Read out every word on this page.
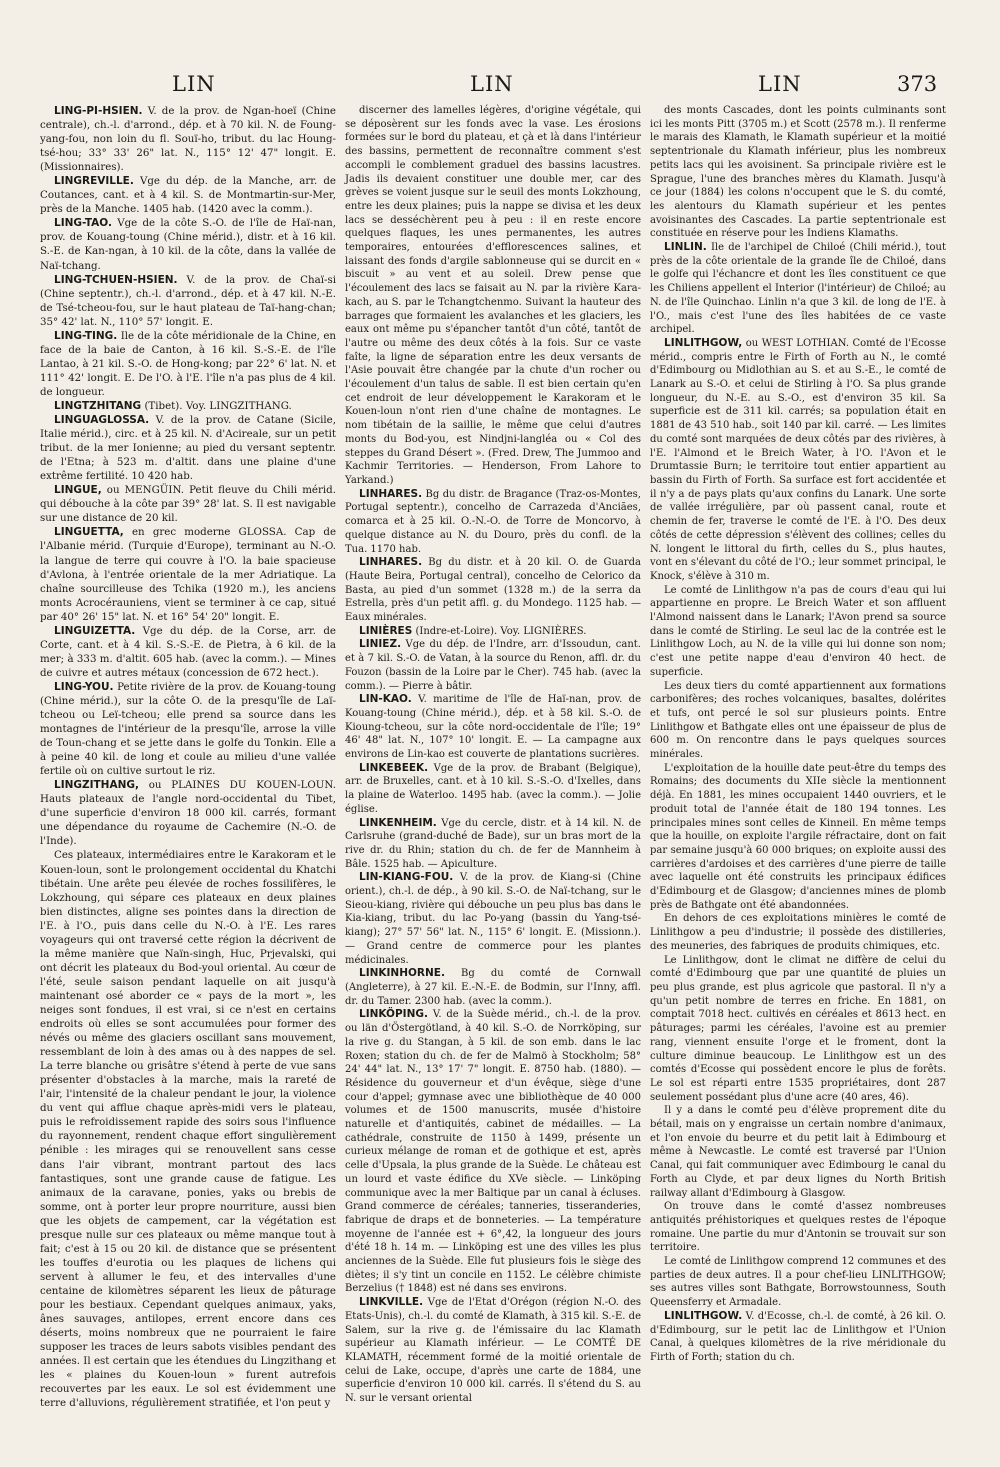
LIN	LIN	LIN	373

LING-PI-HSIEN. V. de la prov. de Ngan-hoeï (Chine centrale), ch.-l. d'arrond., dép. et à 70 kil. N. de Foung-yang-fou, non loin du fl. Souï-ho, tribut. du lac Houng-tsé-hou; 33° 33' 26" lat. N., 115° 12' 47" longit. E. (Missionnaires).

LINGREVILLE. Vge du dép. de la Manche, arr. de Coutances, cant. et à 4 kil. S. de Montmartin-sur-Mer, près de la Manche. 1405 hab. (1420 avec la comm.).

LING-TAO. Vge de la côte S.-O. de l'île de Haï-nan, prov. de Kouang-toung (Chine mérid.), distr. et à 16 kil. S.-E. de Kan-ngan, à 10 kil. de la côte, dans la vallée de Naï-tchang.

LING-TCHUEN-HSIEN. V. de la prov. de Chaï-si (Chine septentr.), ch.-l. d'arrond., dép. et à 47 kil. N.-E. de Tsé-tcheou-fou, sur le haut plateau de Taï-hang-chan; 35° 42' lat. N., 110° 57' longit. E.

LING-TING. Ile de la côte méridionale de la Chine, en face de la baie de Canton, à 16 kil. S.-S.-E. de l'île Lantao, à 21 kil. S.-O. de Hong-kong; par 22° 6' lat. N. et 111° 42' longit. E. De l'O. à l'E. l'île n'a pas plus de 4 kil. de longueur.

LINGTZHITANG (Tibet). Voy. LINGZITHANG.

LINGUAGLOSSA. V. de la prov. de Catane (Sicile, Italie mérid.), circ. et à 25 kil. N. d'Acireale, sur un petit tribut. de la mer Ionienne; au pied du versant septentr. de l'Etna; à 523 m. d'altit. dans une plaine d'une extrême fertilité. 10 420 hab.

LINGUE, ou MENGÜIN. Petit fleuve du Chili mérid. qui débouche à la côte par 39° 28' lat. S. Il est navigable sur une distance de 20 kil.

LINGUETTA, en grec moderne GLOSSA. Cap de l'Albanie mérid. (Turquie d'Europe), terminant au N.-O. la langue de terre qui couvre à l'O. la baie spacieuse d'Avlona, à l'entrée orientale de la mer Adriatique. La chaîne sourcilleuse des Tchika (1920 m.), les anciens monts Acrocérauniens, vient se terminer à ce cap, situé par 40° 26' 15" lat. N. et 16° 54' 20" longit. E.

LINGUIZETTA. Vge du dép. de la Corse, arr. de Corte, cant. et à 4 kil. S.-S.-E. de Pietra, à 6 kil. de la mer; à 333 m. d'altit. 605 hab. (avec la comm.). — Mines de cuivre et autres métaux (concession de 672 hect.).

LING-YOU. Petite rivière de la prov. de Kouang-toung (Chine mérid.), sur la côte O. de la presqu'île de Laï-tcheou ou Leï-tcheou; elle prend sa source dans les montagnes de l'intérieur de la presqu'île, arrose la ville de Toun-chang et se jette dans le golfe du Tonkin. Elle a à peine 40 kil. de long et coule au milieu d'une vallée fertile où on cultive surtout le riz.

LINGZITHANG, ou PLAINES DU KOUEN-LOUN. Hauts plateaux de l'angle nord-occidental du Tibet, d'une superficie d'environ 18 000 kil. carrés, formant une dépendance du royaume de Cachemire (N.-O. de l'Inde).

Ces plateaux, intermédiaires entre le Karakoram et le Kouen-loun, sont le prolongement occidental du Khatchi tibétain. Une arête peu élevée de roches fossilifères, le Lokzhoung, qui sépare ces plateaux en deux plaines bien distinctes, aligne ses pointes dans la direction de l'E. à l'O., puis dans celle du N.-O. à l'E. Les rares voyageurs qui ont traversé cette région la décrivent de la même manière que Naïn-singh, Huc, Prjevalski, qui ont décrit les plateaux du Bod-youl oriental. Au cœur de l'été, seule saison pendant laquelle on ait jusqu'à maintenant osé aborder ce « pays de la mort », les neiges sont fondues, il est vrai, si ce n'est en certains endroits où elles se sont accumulées pour former des névés ou même des glaciers oscillant sans mouvement, ressemblant de loin à des amas ou à des nappes de sel. La terre blanche ou grisâtre s'étend à perte de vue sans présenter d'obstacles à la marche, mais la rareté de l'air, l'intensité de la chaleur pendant le jour, la violence du vent qui afflue chaque après-midi vers le plateau, puis le refroidissement rapide des soirs sous l'influence du rayonnement, rendent chaque effort singulièrement pénible : les mirages qui se renouvellent sans cesse dans l'air vibrant, montrant partout des lacs fantastiques, sont une grande cause de fatigue. Les animaux de la caravane, ponies, yaks ou brebis de somme, ont à porter leur propre nourriture, aussi bien que les objets de campement, car la végétation est presque nulle sur ces plateaux ou même manque tout à fait; c'est à 15 ou 20 kil. de distance que se présentent les touffes d'eurotia ou les plaques de lichens qui servent à allumer le feu, et des intervalles d'une centaine de kilomètres séparent les lieux de pâturage pour les bestiaux. Cependant quelques animaux, yaks, ânes sauvages, antilopes, errent encore dans ces déserts, moins nombreux que ne pourraient le faire supposer les traces de leurs sabots visibles pendant des années. Il est certain que les étendues du Lingzithang et les « plaines du Kouen-loun » furent autrefois recouvertes par les eaux. Le sol est évidemment une terre d'alluvions, régulièrement stratifiée, et l'on peut y

discerner des lamelles légères, d'origine végétale, qui se déposèrent sur les fonds avec la vase. Les érosions formées sur le bord du plateau, et çà et là dans l'intérieur des bassins, permettent de reconnaître comment s'est accompli le comblement graduel des bassins lacustres. Jadis ils devaient constituer une double mer, car des grèves se voient jusque sur le seuil des monts Lokzhoung, entre les deux plaines; puis la nappe se divisa et les deux lacs se desséchèrent peu à peu : il en reste encore quelques flaques, les unes permanentes, les autres temporaires, entourées d'efflorescences salines, et laissant des fonds d'argile sablonneuse qui se durcit en « biscuit » au vent et au soleil. Drew pense que l'écoulement des lacs se faisait au N. par la rivière Kara-kach, au S. par le Tchangtchenmo. Suivant la hauteur des barrages que formaient les avalanches et les glaciers, les eaux ont même pu s'épancher tantôt d'un côté, tantôt de l'autre ou même des deux côtés à la fois. Sur ce vaste faîte, la ligne de séparation entre les deux versants de l'Asie pouvait être changée par la chute d'un rocher ou l'écoulement d'un talus de sable. Il est bien certain qu'en cet endroit de leur développement le Karakoram et le Kouen-loun n'ont rien d'une chaîne de montagnes. Le nom tibétain de la saillie, le même que celui d'autres monts du Bod-you, est Nindjni-langléa ou « Col des steppes du Grand Désert ». (Fred. Drew, The Jummoo and Kachmir Territories. — Henderson, From Lahore to Yarkand.)

LINHARES. Bg du distr. de Bragance (Traz-os-Montes, Portugal septentr.), concelho de Carrazeda d'Anciães, comarca et à 25 kil. O.-N.-O. de Torre de Moncorvo, à quelque distance au N. du Douro, près du confl. de la Tua. 1170 hab.

LINHARES. Bg du distr. et à 20 kil. O. de Guarda (Haute Beira, Portugal central), concelho de Celorico da Basta, au pied d'un sommet (1328 m.) de la serra da Estrella, près d'un petit affl. g. du Mondego. 1125 hab. — Eaux minérales.

LINIÈRES (Indre-et-Loire). Voy. LIGNIÈRES.

LINIEZ. Vge du dép. de l'Indre, arr. d'Issoudun, cant. et à 7 kil. S.-O. de Vatan, à la source du Renon, affl. dr. du Fouzon (bassin de la Loire par le Cher). 745 hab. (avec la comm.). — Pierre à bâtir.

LIN-KAO. V. maritime de l'île de Haï-nan, prov. de Kouang-toung (Chine mérid.), dép. et à 58 kil. S.-O. de Kioung-tcheou, sur la côte nord-occidentale de l'île; 19° 46' 48" lat. N., 107° 10' longit. E. — La campagne aux environs de Lin-kao est couverte de plantations sucrières.

LINKEBEEK. Vge de la prov. de Brabant (Belgique), arr. de Bruxelles, cant. et à 10 kil. S.-S.-O. d'Ixelles, dans la plaine de Waterloo. 1495 hab. (avec la comm.). — Jolie église.

LINKENHEIM. Vge du cercle, distr. et à 14 kil. N. de Carlsruhe (grand-duché de Bade), sur un bras mort de la rive dr. du Rhin; station du ch. de fer de Mannheim à Bâle. 1525 hab. — Apiculture.

LIN-KIANG-FOU. V. de la prov. de Kiang-si (Chine orient.), ch.-l. de dép., à 90 kil. S.-O. de Naï-tchang, sur le Sieou-kiang, rivière qui débouche un peu plus bas dans le Kia-kiang, tribut. du lac Po-yang (bassin du Yang-tsé-kiang); 27° 57' 56" lat. N., 115° 6' longit. E. (Missionn.). — Grand centre de commerce pour les plantes médicinales.

LINKINHORNE. Bg du comté de Cornwall (Angleterre), à 27 kil. E.-N.-E. de Bodmin, sur l'Inny, affl. dr. du Tamer. 2300 hab. (avec la comm.).

LINKÖPING. V. de la Suède mérid., ch.-l. de la prov. ou län d'Östergötland, à 40 kil. S.-O. de Norrköping, sur la rive g. du Stangan, à 5 kil. de son emb. dans le lac Roxen; station du ch. de fer de Malmö à Stockholm; 58° 24' 44" lat. N., 13° 17' 7" longit. E. 8750 hab. (1880). — Résidence du gouverneur et d'un évêque, siège d'une cour d'appel; gymnase avec une bibliothèque de 40 000 volumes et de 1500 manuscrits, musée d'histoire naturelle et d'antiquités, cabinet de médailles. — La cathédrale, construite de 1150 à 1499, présente un curieux mélange de roman et de gothique et est, après celle d'Upsala, la plus grande de la Suède. Le château est un lourd et vaste édifice du XVe siècle. — Linköping communique avec la mer Baltique par un canal à écluses. Grand commerce de céréales; tanneries, tisseranderies, fabrique de draps et de bonneteries. — La température moyenne de l'année est + 6°,42, la longueur des jours d'été 18 h. 14 m. — Linköping est une des villes les plus anciennes de la Suède. Elle fut plusieurs fois le siège des diètes; il s'y tint un concile en 1152. Le célèbre chimiste Berzelius († 1848) est né dans ses environs.

LINKVILLE. Vge de l'Etat d'Orégon (région N.-O. des Etats-Unis), ch.-l. du comté de Klamath, à 315 kil. S.-E. de Salem, sur la rive g. de l'émissaire du lac Klamath supérieur au Klamath inférieur. — Le COMTÉ DE KLAMATH, récemment formé de la moitié orientale de celui de Lake, occupe, d'après une carte de 1884, une superficie d'environ 10 000 kil. carrés. Il s'étend du S. au N. sur le versant oriental

des monts Cascades, dont les points culminants sont ici les monts Pitt (3705 m.) et Scott (2578 m.). Il renferme le marais des Klamath, le Klamath supérieur et la moitié septentrionale du Klamath inférieur, plus les nombreux petits lacs qui les avoisinent. Sa principale rivière est le Sprague, l'une des branches mères du Klamath. Jusqu'à ce jour (1884) les colons n'occupent que le S. du comté, les alentours du Klamath supérieur et les pentes avoisinantes des Cascades. La partie septentrionale est constituée en réserve pour les Indiens Klamaths.

LINLIN. Ile de l'archipel de Chiloé (Chili mérid.), tout près de la côte orientale de la grande île de Chiloé, dans le golfe qui l'échancre et dont les îles constituent ce que les Chiliens appellent el Interior (l'intérieur) de Chiloé; au N. de l'île Quinchao. Linlin n'a que 3 kil. de long de l'E. à l'O., mais c'est l'une des îles habitées de ce vaste archipel.

LINLITHGOW, ou WEST LOTHIAN. Comté de l'Ecosse mérid., compris entre le Firth of Forth au N., le comté d'Edimbourg ou Midlothian au S. et au S.-E., le comté de Lanark au S.-O. et celui de Stirling à l'O. Sa plus grande longueur, du N.-E. au S.-O., est d'environ 35 kil. Sa superficie est de 311 kil. carrés; sa population était en 1881 de 43 510 hab., soit 140 par kil. carré. — Les limites du comté sont marquées de deux côtés par des rivières, à l'E. l'Almond et le Breich Water, à l'O. l'Avon et le Drumtassie Burn; le territoire tout entier appartient au bassin du Firth of Forth. Sa surface est fort accidentée et il n'y a de pays plats qu'aux confins du Lanark. Une sorte de vallée irrégulière, par où passent canal, route et chemin de fer, traverse le comté de l'E. à l'O. Des deux côtés de cette dépression s'élèvent des collines; celles du N. longent le littoral du firth, celles du S., plus hautes, vont en s'élevant du côté de l'O.; leur sommet principal, le Knock, s'élève à 310 m.

Le comté de Linlithgow n'a pas de cours d'eau qui lui appartienne en propre. Le Breich Water et son affluent l'Almond naissent dans le Lanark; l'Avon prend sa source dans le comté de Stirling. Le seul lac de la contrée est le Linlithgow Loch, au N. de la ville qui lui donne son nom; c'est une petite nappe d'eau d'environ 40 hect. de superficie.

Les deux tiers du comté appartiennent aux formations carbonifères; des roches volcaniques, basaltes, dolérites et tufs, ont percé le sol sur plusieurs points. Entre Linlithgow et Bathgate elles ont une épaisseur de plus de 600 m. On rencontre dans le pays quelques sources minérales.

L'exploitation de la houille date peut-être du temps des Romains; des documents du XIIe siècle la mentionnent déjà. En 1881, les mines occupaient 1440 ouvriers, et le produit total de l'année était de 180 194 tonnes. Les principales mines sont celles de Kinneil. En même temps que la houille, on exploite l'argile réfractaire, dont on fait par semaine jusqu'à 60 000 briques; on exploite aussi des carrières d'ardoises et des carrières d'une pierre de taille avec laquelle ont été construits les principaux édifices d'Edimbourg et de Glasgow; d'anciennes mines de plomb près de Bathgate ont été abandonnées.

En dehors de ces exploitations minières le comté de Linlithgow a peu d'industrie; il possède des distilleries, des meuneries, des fabriques de produits chimiques, etc.

Le Linlithgow, dont le climat ne diffère de celui du comté d'Edimbourg que par une quantité de pluies un peu plus grande, est plus agricole que pastoral. Il n'y a qu'un petit nombre de terres en friche. En 1881, on comptait 7018 hect. cultivés en céréales et 8613 hect. en pâturages; parmi les céréales, l'avoine est au premier rang, viennent ensuite l'orge et le froment, dont la culture diminue beaucoup. Le Linlithgow est un des comtés d'Ecosse qui possèdent encore le plus de forêts. Le sol est réparti entre 1535 propriétaires, dont 287 seulement possédant plus d'une acre (40 ares, 46).

Il y a dans le comté peu d'élève proprement dite du bétail, mais on y engraisse un certain nombre d'animaux, et l'on envoie du beurre et du petit lait à Edimbourg et même à Newcastle. Le comté est traversé par l'Union Canal, qui fait communiquer avec Edimbourg le canal du Forth au Clyde, et par deux lignes du North British railway allant d'Edimbourg à Glasgow.

On trouve dans le comté d'assez nombreuses antiquités préhistoriques et quelques restes de l'époque romaine. Une partie du mur d'Antonin se trouvait sur son territoire.

Le comté de Linlithgow comprend 12 communes et des parties de deux autres. Il a pour chef-lieu LINLITHGOW; ses autres villes sont Bathgate, Borrowstounness, South Queensferry et Armadale.

LINLITHGOW. V. d'Ecosse, ch.-l. de comté, à 26 kil. O. d'Edimbourg, sur le petit lac de Linlithgow et l'Union Canal, à quelques kilomètres de la rive méridionale du Firth of Forth; station du ch.
